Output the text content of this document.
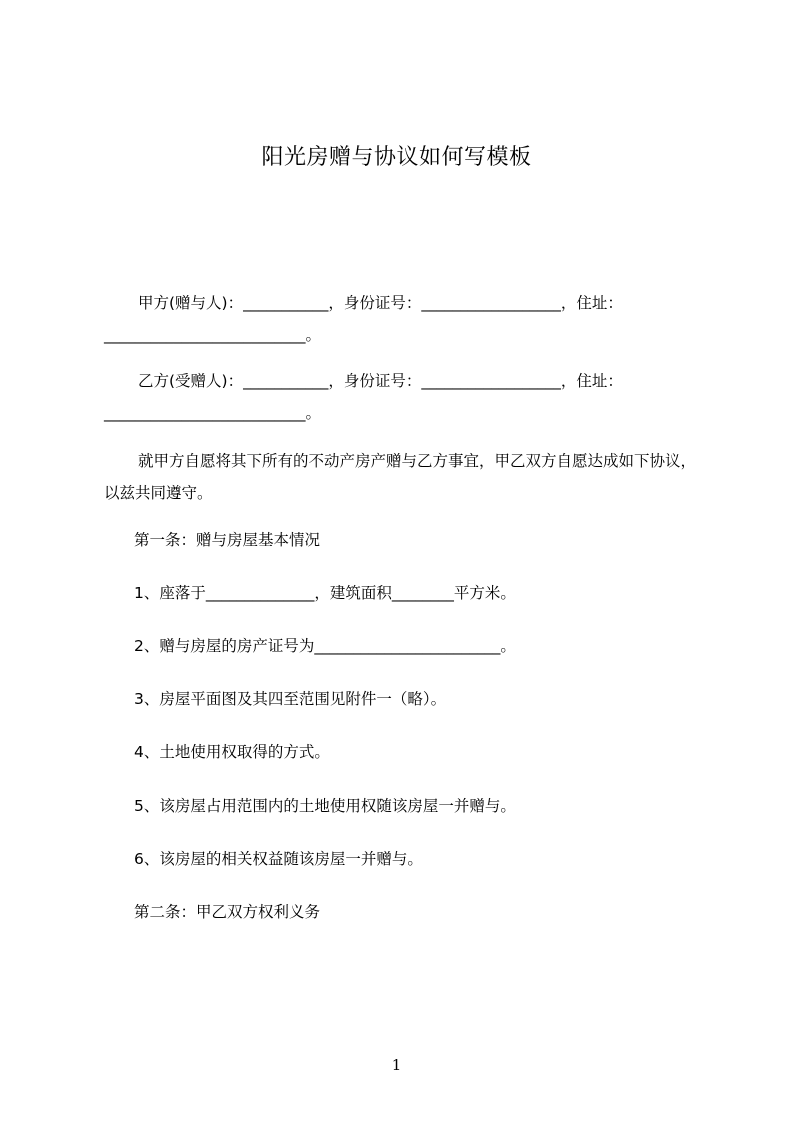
阳光房赠与协议如何写模板
甲方(赠与人)：___________，身份证号：__________________，住址：__________________________。
乙方(受赠人)：___________，身份证号：__________________，住址：__________________________。
就甲方自愿将其下所有的不动产房产赠与乙方事宜，甲乙双方自愿达成如下协议，以兹共同遵守。
第一条：赠与房屋基本情况
1、座落于______________，建筑面积________平方米。
2、赠与房屋的房产证号为________________________。
3、房屋平面图及其四至范围见附件一（略）。
4、土地使用权取得的方式。
5、该房屋占用范围内的土地使用权随该房屋一并赠与。
6、该房屋的相关权益随该房屋一并赠与。
第二条：甲乙双方权利义务
1
